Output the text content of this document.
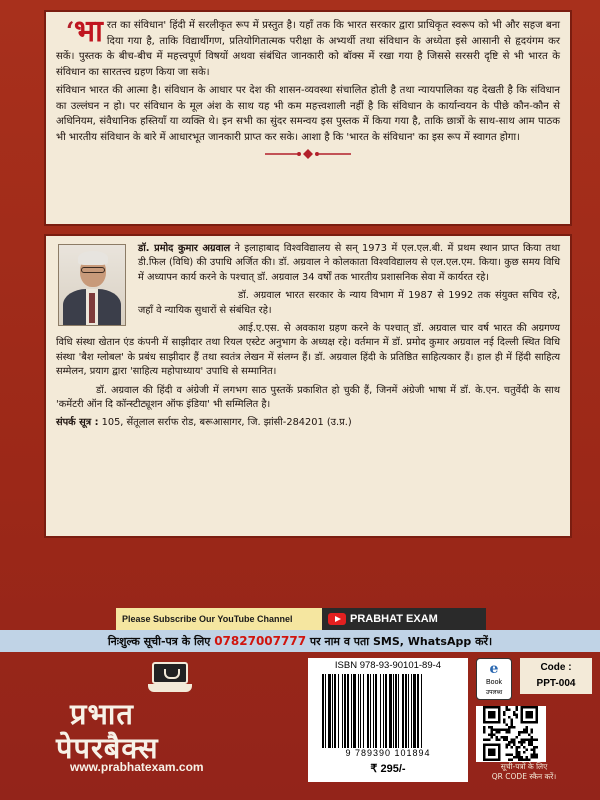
‘ भारत का संविधान' हिंदी में सरलीकृत रूप में प्रस्तुत है। यहाँ तक कि भारत सरकार द्वारा प्राधिकृत स्वरूप को भी और सहज बना दिया गया है, ताकि विद्यार्थीगण, प्रतियोगितात्मक परीक्षा के अभ्यर्थी तथा संविधान के अध्येता इसे आसानी से हृदयंगम कर सकें। पुस्तक के बीच-बीच में महत्त्वपूर्ण विषयों अथवा संबंधित जानकारी को बॉक्स में रखा गया है जिससे सरसरी दृष्टि से भी भारत के संविधान का सारतत्त्व ग्रहण किया जा सके।

संविधान भारत की आत्मा है। संविधान के आधार पर देश की शासन-व्यवस्था संचालित होती है तथा न्यायपालिका यह देखती है कि संविधान का उल्लंघन न हो। पर संविधान के मूल अंश के साथ यह भी कम महत्त्वशाली नहीं है कि संविधान के कार्यान्वयन के पीछे कौन-कौन से अधिनियम, संवैधानिक हस्तियाँ या व्यक्ति थे। इन सभी का सुंदर समन्वय इस पुस्तक में किया गया है, ताकि छात्रों के साथ-साथ आम पाठक भी भारतीय संविधान के बारे में आधारभूत जानकारी प्राप्त कर सके। आशा है कि 'भारत के संविधान' का इस रूप में स्वागत होगा।

डॉ. प्रमोद कुमार अग्रवाल ने इलाहाबाद विश्वविद्यालय से सन् 1973 में एल.एल.बी. में प्रथम स्थान प्राप्त किया तथा डी.फिल (विधि) की उपाधि अर्जित की। डॉ. अग्रवाल ने कोलकाता विश्वविद्यालय से एल.एल.एम. किया। कुछ समय विधि में अध्यापन कार्य करने के पश्चात् डॉ. अग्रवाल 34 वर्षों तक भारतीय प्रशासनिक सेवा में कार्यरत रहे।

डॉ. अग्रवाल भारत सरकार के न्याय विभाग में 1987 से 1992 तक संयुक्त सचिव रहे, जहाँ वे न्यायिक सुधारों से संबंधित रहे।

आई.ए.एस. से अवकाश ग्रहण करने के पश्चात् डॉ. अग्रवाल चार वर्ष भारत की अग्रगण्य विधि संस्था खेतान एंड कंपनी में साझीदार तथा रियल एस्टेट अनुभाग के अध्यक्ष रहे। वर्तमान में डॉ. प्रमोद कुमार अग्रवाल नई दिल्ली स्थित विधि संस्था 'बैश ग्लोबल' के प्रबंध साझीदार हैं तथा स्वतंत्र लेखन में संलग्न हैं। डॉ. अग्रवाल हिंदी के प्रतिष्ठित साहित्यकार हैं। हाल ही में हिंदी साहित्य सम्मेलन, प्रयाग द्वारा 'साहित्य महोपाध्याय' उपाधि से सम्मानित।

डॉ. अग्रवाल की हिंदी व अंग्रेजी में लगभग साठ पुस्तकें प्रकाशित हो चुकी हैं, जिनमें अंग्रेजी भाषा में डॉ. के.एन. चतुर्वेदी के साथ 'कमेंटरी ऑन दि कॉन्स्टीट्यूशन ऑफ इंडिया' भी सम्मिलित है।

संपर्क सूत्र : 105, सेंतूलाल सर्राफ रोड, बरूआसागर, जि. झांसी-284201 (उ.प्र.)

Please Subscribe Our YouTube Channel	PRABHAT EXAM
निःशुल्क सूची-पत्र के लिए 07827007777 पर नाम व पता SMS, WhatsApp करें।
प्रभात
पेपरबैक्स
www.prabhatexam.com
ISBN 978-93-90101-89-4
9 789390 101894
₹ 295/-
e
Book
उपलब्ध
Code :
PPT-004
सूची-पत्रों के लिए
QR CODE स्कैन करें।
